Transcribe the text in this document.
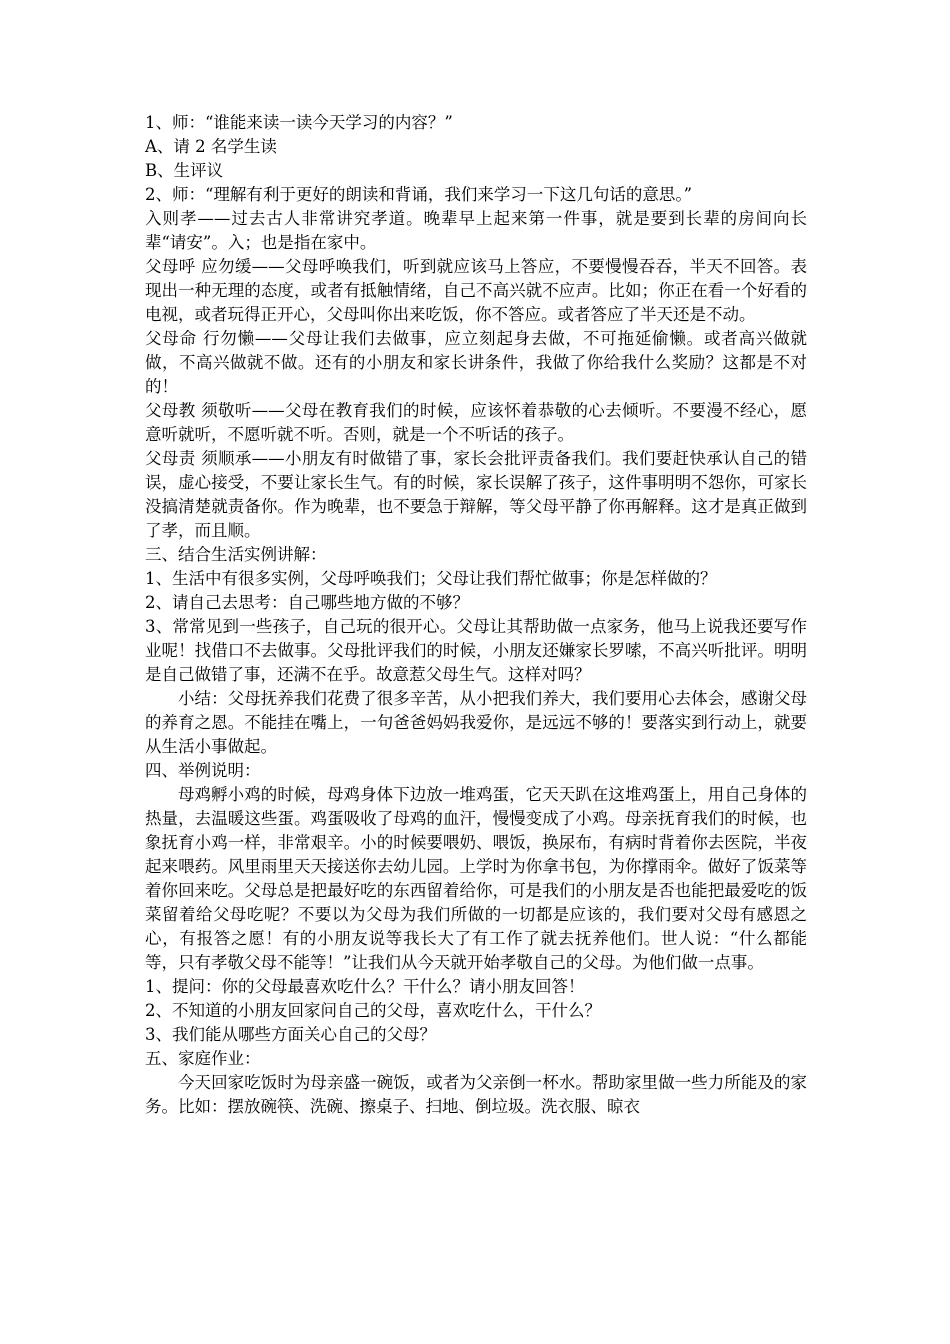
1、师：“谁能来读一读今天学习的内容？”

A、请 2 名学生读

B、生评议

2、师：“理解有利于更好的朗读和背诵，我们来学习一下这几句话的意思。”

入则孝——过去古人非常讲究孝道。晚辈早上起来第一件事，就是要到长辈的房间向长辈“请安”。入；也是指在家中。

父母呼 应勿缓——父母呼唤我们，听到就应该马上答应，不要慢慢吞吞，半天不回答。表现出一种无理的态度，或者有抵触情绪，自己不高兴就不应声。比如；你正在看一个好看的电视，或者玩得正开心，父母叫你出来吃饭，你不答应。或者答应了半天还是不动。

父母命 行勿懒——父母让我们去做事，应立刻起身去做，不可拖延偷懒。或者高兴做就做，不高兴做就不做。还有的小朋友和家长讲条件，我做了你给我什么奖励？这都是不对的！

父母教 须敬听——父母在教育我们的时候，应该怀着恭敬的心去倾听。不要漫不经心，愿意听就听，不愿听就不听。否则，就是一个不听话的孩子。

父母责 须顺承——小朋友有时做错了事，家长会批评责备我们。我们要赶快承认自己的错误，虚心接受，不要让家长生气。有的时候，家长误解了孩子，这件事明明不怨你，可家长没搞清楚就责备你。作为晚辈，也不要急于辩解，等父母平静了你再解释。这才是真正做到了孝，而且顺。

三、结合生活实例讲解：

1、生活中有很多实例，父母呼唤我们；父母让我们帮忙做事；你是怎样做的？

2、请自己去思考：自己哪些地方做的不够？

3、常常见到一些孩子，自己玩的很开心。父母让其帮助做一点家务，他马上说我还要写作业呢！找借口不去做事。父母批评我们的时候，小朋友还嫌家长罗嗦，不高兴听批评。明明是自己做错了事，还满不在乎。故意惹父母生气。这样对吗？

小结：父母抚养我们花费了很多辛苦，从小把我们养大，我们要用心去体会，感谢父母的养育之恩。不能挂在嘴上，一句爸爸妈妈我爱你，是远远不够的！要落实到行动上，就要从生活小事做起。

四、举例说明：

母鸡孵小鸡的时候，母鸡身体下边放一堆鸡蛋，它天天趴在这堆鸡蛋上，用自己身体的热量，去温暖这些蛋。鸡蛋吸收了母鸡的血汗，慢慢变成了小鸡。母亲抚育我们的时候，也象抚育小鸡一样，非常艰辛。小的时候要喂奶、喂饭，换尿布，有病时背着你去医院，半夜起来喂药。风里雨里天天接送你去幼儿园。上学时为你拿书包，为你撑雨伞。做好了饭菜等着你回来吃。父母总是把最好吃的东西留着给你，可是我们的小朋友是否也能把最爱吃的饭菜留着给父母吃呢？不要以为父母为我们所做的一切都是应该的，我们要对父母有感恩之心，有报答之愿！有的小朋友说等我长大了有工作了就去抚养他们。世人说：“什么都能等，只有孝敬父母不能等！”让我们从今天就开始孝敬自己的父母。为他们做一点事。

1、提问：你的父母最喜欢吃什么？干什么？请小朋友回答！

2、不知道的小朋友回家问自己的父母，喜欢吃什么，干什么？

3、我们能从哪些方面关心自己的父母？

五、家庭作业：

今天回家吃饭时为母亲盛一碗饭，或者为父亲倒一杯水。帮助家里做一些力所能及的家务。比如：摆放碗筷、洗碗、擦桌子、扫地、倒垃圾。洗衣服、晾衣
